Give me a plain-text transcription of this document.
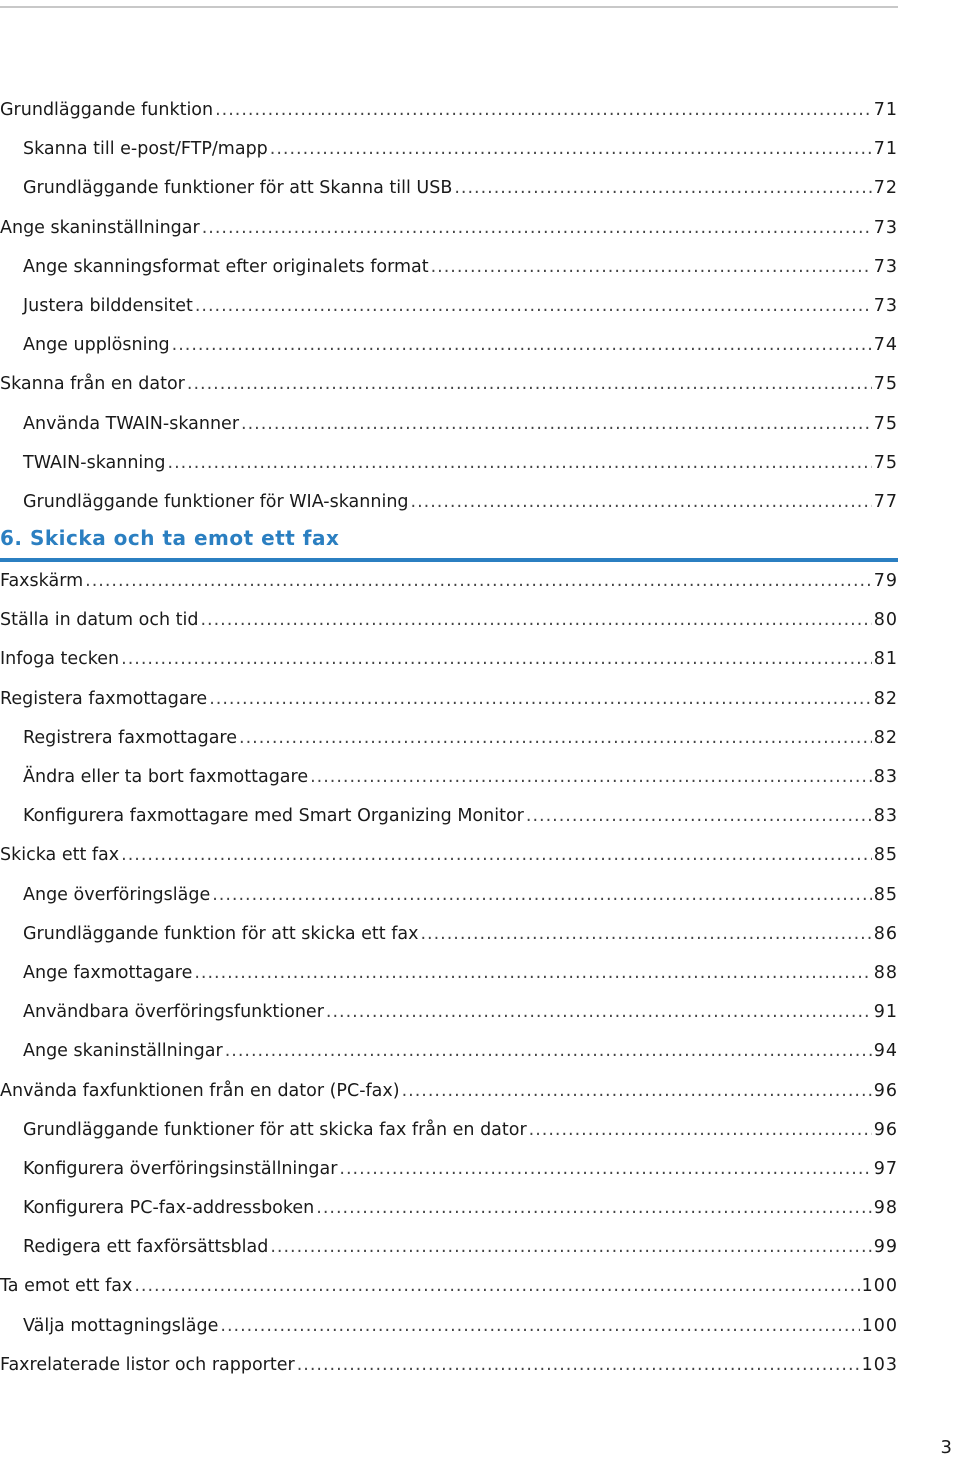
Grundläggande funktion .....	71
Skanna till e-post/FTP/mapp .....	71
Grundläggande funktioner för att Skanna till USB .....	72
Ange skaninställningar .....	73
Ange skanningsformat efter originalets format .....	73
Justera bilddensitet .....	73
Ange upplösning .....	74
Skanna från en dator .....	75
Använda TWAIN-skanner .....	75
TWAIN-skanning .....	75
Grundläggande funktioner för WIA-skanning .....	77
6. Skicka och ta emot ett fax
Faxskärm .....	79
Ställa in datum och tid .....	80
Infoga tecken .....	81
Registera faxmottagare .....	82
Registrera faxmottagare .....	82
Ändra eller ta bort faxmottagare .....	83
Konfigurera faxmottagare med Smart Organizing Monitor .....	83
Skicka ett fax .....	85
Ange överföringsläge .....	85
Grundläggande funktion för att skicka ett fax .....	86
Ange faxmottagare .....	88
Användbara överföringsfunktioner .....	91
Ange skaninställningar .....	94
Använda faxfunktionen från en dator (PC-fax) .....	96
Grundläggande funktioner för att skicka fax från en dator .....	96
Konfigurera överföringsinställningar .....	97
Konfigurera PC-fax-addressboken .....	98
Redigera ett faxförsättsblad .....	99
Ta emot ett fax .....	100
Välja mottagningsläge .....	100
Faxrelaterade listor och rapporter .....	103
3
